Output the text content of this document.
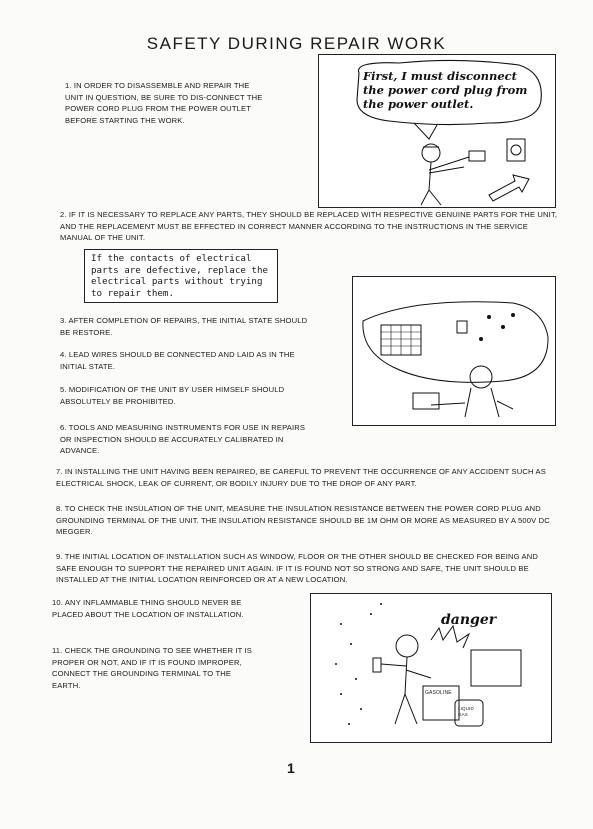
SAFETY DURING REPAIR WORK

1. IN ORDER TO DISASSEMBLE AND REPAIR THE UNIT IN QUESTION, BE SURE TO DIS-CONNECT THE POWER CORD PLUG FROM THE POWER OUTLET BEFORE STARTING THE WORK.

First, I must disconnect the power cord plug from the power outlet.

2. IF IT IS NECESSARY TO REPLACE ANY PARTS, THEY SHOULD BE REPLACED WITH RESPECTIVE GENUINE PARTS FOR THE UNIT, AND THE REPLACEMENT MUST BE EFFECTED IN CORRECT MANNER ACCORDING TO THE INSTRUCTIONS IN THE SERVICE MANUAL OF THE UNIT.

If the contacts of electrical parts are defective, replace the electrical parts without trying to repair them.

3. AFTER COMPLETION OF REPAIRS, THE INITIAL STATE SHOULD BE RESTORE.

4. LEAD WIRES SHOULD BE CONNECTED AND LAID AS IN THE INITIAL STATE.

5. MODIFICATION OF THE UNIT BY USER HIMSELF SHOULD ABSOLUTELY BE PROHIBITED.

6. TOOLS AND MEASURING INSTRUMENTS FOR USE IN REPAIRS OR INSPECTION SHOULD BE ACCURATELY CALIBRATED IN ADVANCE.

7. IN INSTALLING THE UNIT HAVING BEEN REPAIRED, BE CAREFUL TO PREVENT THE OCCURRENCE OF ANY ACCIDENT SUCH AS ELECTRICAL SHOCK, LEAK OF CURRENT, OR BODILY INJURY DUE TO THE DROP OF ANY PART.

8. TO CHECK THE INSULATION OF THE UNIT, MEASURE THE INSULATION RESISTANCE BETWEEN THE POWER CORD PLUG AND GROUNDING TERMINAL OF THE UNIT. THE INSULATION RESISTANCE SHOULD BE 1M OHM OR MORE AS MEASURED BY A 500V DC MEGGER.

9. THE INITIAL LOCATION OF INSTALLATION SUCH AS WINDOW, FLOOR OR THE OTHER SHOULD BE CHECKED FOR BEING AND SAFE ENOUGH TO SUPPORT THE REPAIRED UNIT AGAIN. IF IT IS FOUND NOT SO STRONG AND SAFE, THE UNIT SHOULD BE INSTALLED AT THE INITIAL LOCATION REINFORCED OR AT A NEW LOCATION.

10. ANY INFLAMMABLE THING SHOULD NEVER BE PLACED ABOUT THE LOCATION OF INSTALLATION.

11. CHECK THE GROUNDING TO SEE WHETHER IT IS PROPER OR NOT, AND IF IT IS FOUND IMPROPER, CONNECT THE GROUNDING TERMINAL TO THE EARTH.

danger
GASOLINE
LIQUID GAS
1
